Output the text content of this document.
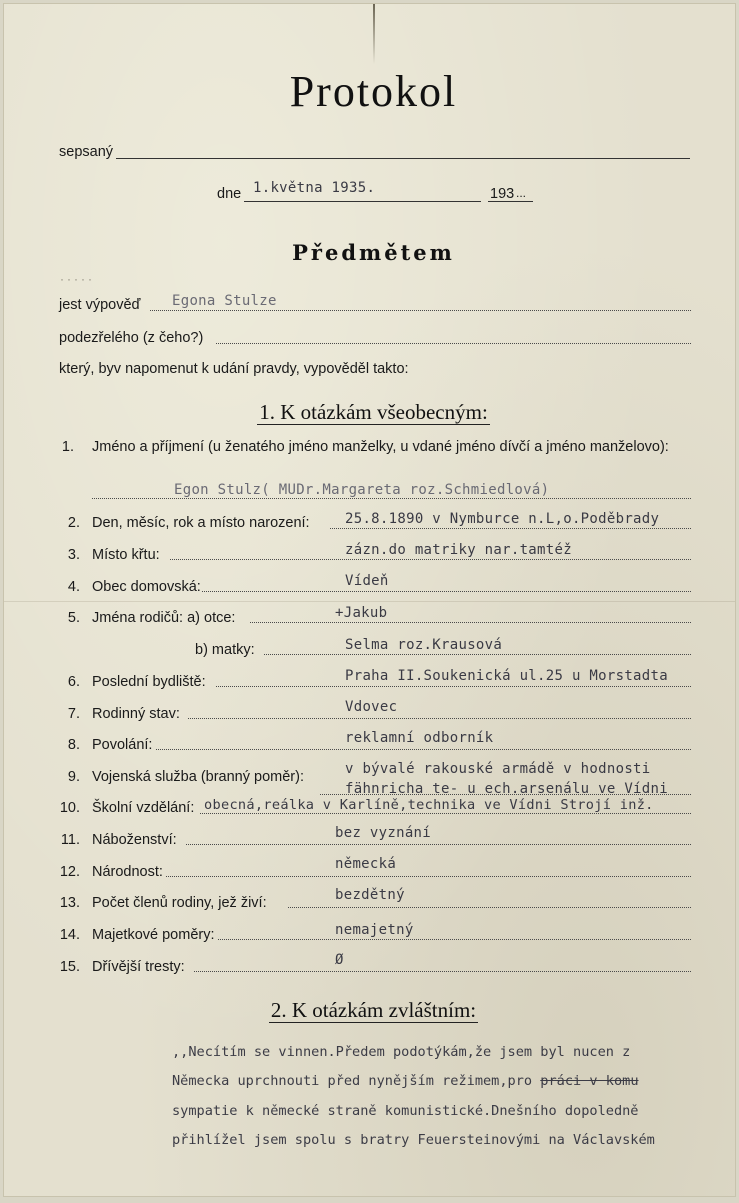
Protokol
sepsaný
dne 1.května 1935.	193 ...
Předmětem
·····
jest výpověď Egona Stulze
podezřelého (z čeho?)
který, byv napomenut k udání pravdy, vypověděl takto:
1. K otázkám všeobecným:
1. Jméno a příjmení (u ženatého jméno manželky, u vdané jméno dívčí a jméno manželovo):
Egon Stulz( MUDr.Margareta roz.Schmiedlová)
2. Den, měsíc, rok a místo narození:	25.8.1890 v Nymburce n.L,o.Poděbrady
3. Místo křtu:	zázn.do matriky nar.tamtéž
4. Obec domovská:	Vídeň
5. Jména rodičů: a) otce:	+Jakub
b) matky:	Selma roz.Krausová
6. Poslední bydliště:	Praha II.Soukenická ul.25 u Morstadta
7. Rodinný stav:	Vdovec
8. Povolání:	reklamní odborník
9. Vojenská služba (branný poměr):	v bývalé rakouské armádě v hodnosti
fähnricha te- u ech.arsenálu ve Vídni
10. Školní vzdělání: obecná,reálka v Karlíně,technika ve Vídni Strojí inž.
11. Náboženství:	bez vyznání
12. Národnost:	německá
13. Počet členů rodiny, jež živí:	bezdětný
14. Majetkové poměry:	nemajetný
15. Dřívější tresty:	Ø
2. K otázkám zvláštním:
,,Necítím se vinnen.Předem podotýkám,že jsem byl nucen z
Německa uprchnouti před nynějším režimem,pro práci v komu
sympatie k německé straně komunistické.Dnešního dopoledně
přihlížel jsem spolu s bratry Feuersteinovými na Václavském
